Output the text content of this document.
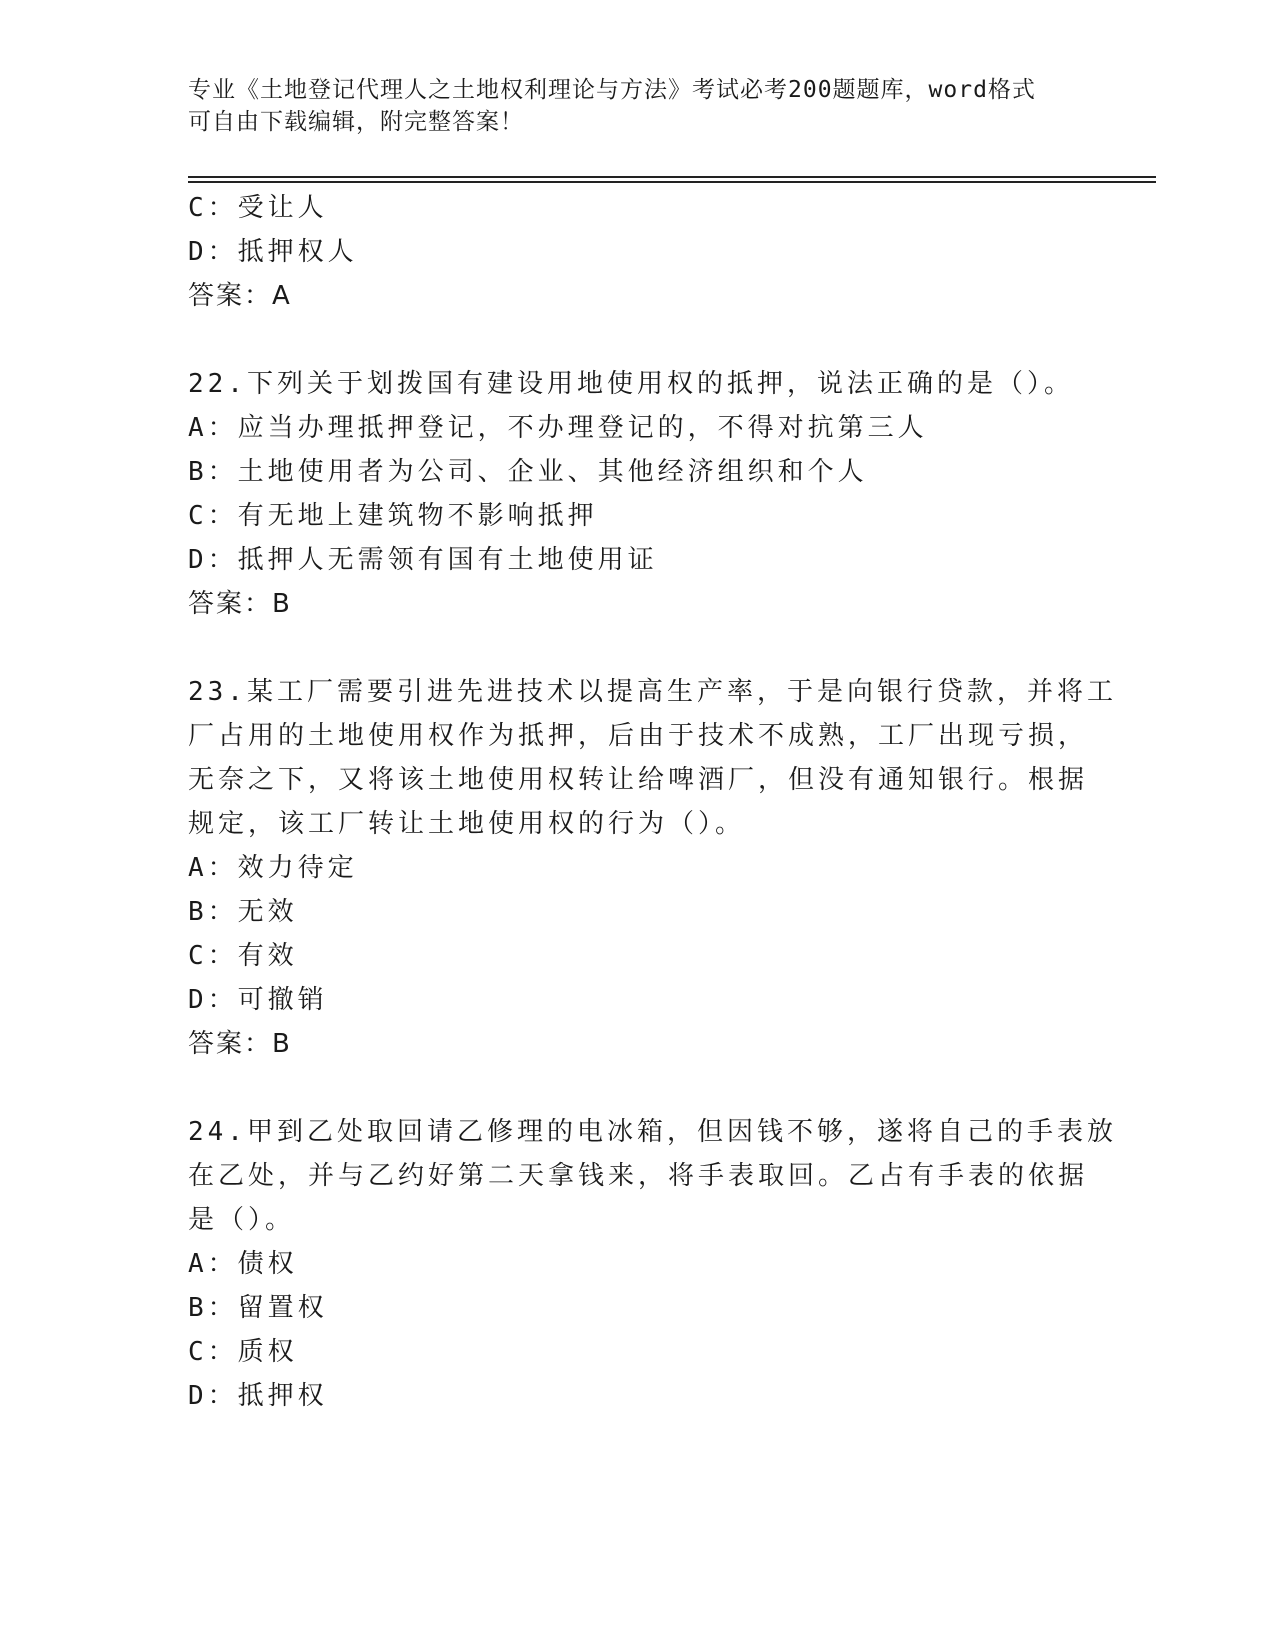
专业《土地登记代理人之土地权利理论与方法》考试必考200题题库，word格式
可自由下载编辑，附完整答案！
C：受让人
D：抵押权人
答案：A
22.下列关于划拨国有建设用地使用权的抵押，说法正确的是（）。
A：应当办理抵押登记，不办理登记的，不得对抗第三人
B：土地使用者为公司、企业、其他经济组织和个人
C：有无地上建筑物不影响抵押
D：抵押人无需领有国有土地使用证
答案：B
23.某工厂需要引进先进技术以提高生产率，于是向银行贷款，并将工
厂占用的土地使用权作为抵押，后由于技术不成熟，工厂出现亏损，
无奈之下，又将该土地使用权转让给啤酒厂，但没有通知银行。根据
规定，该工厂转让土地使用权的行为（）。
A：效力待定
B：无效
C：有效
D：可撤销
答案：B
24.甲到乙处取回请乙修理的电冰箱，但因钱不够，遂将自己的手表放
在乙处，并与乙约好第二天拿钱来，将手表取回。乙占有手表的依据
是（）。
A：债权
B：留置权
C：质权
D：抵押权
